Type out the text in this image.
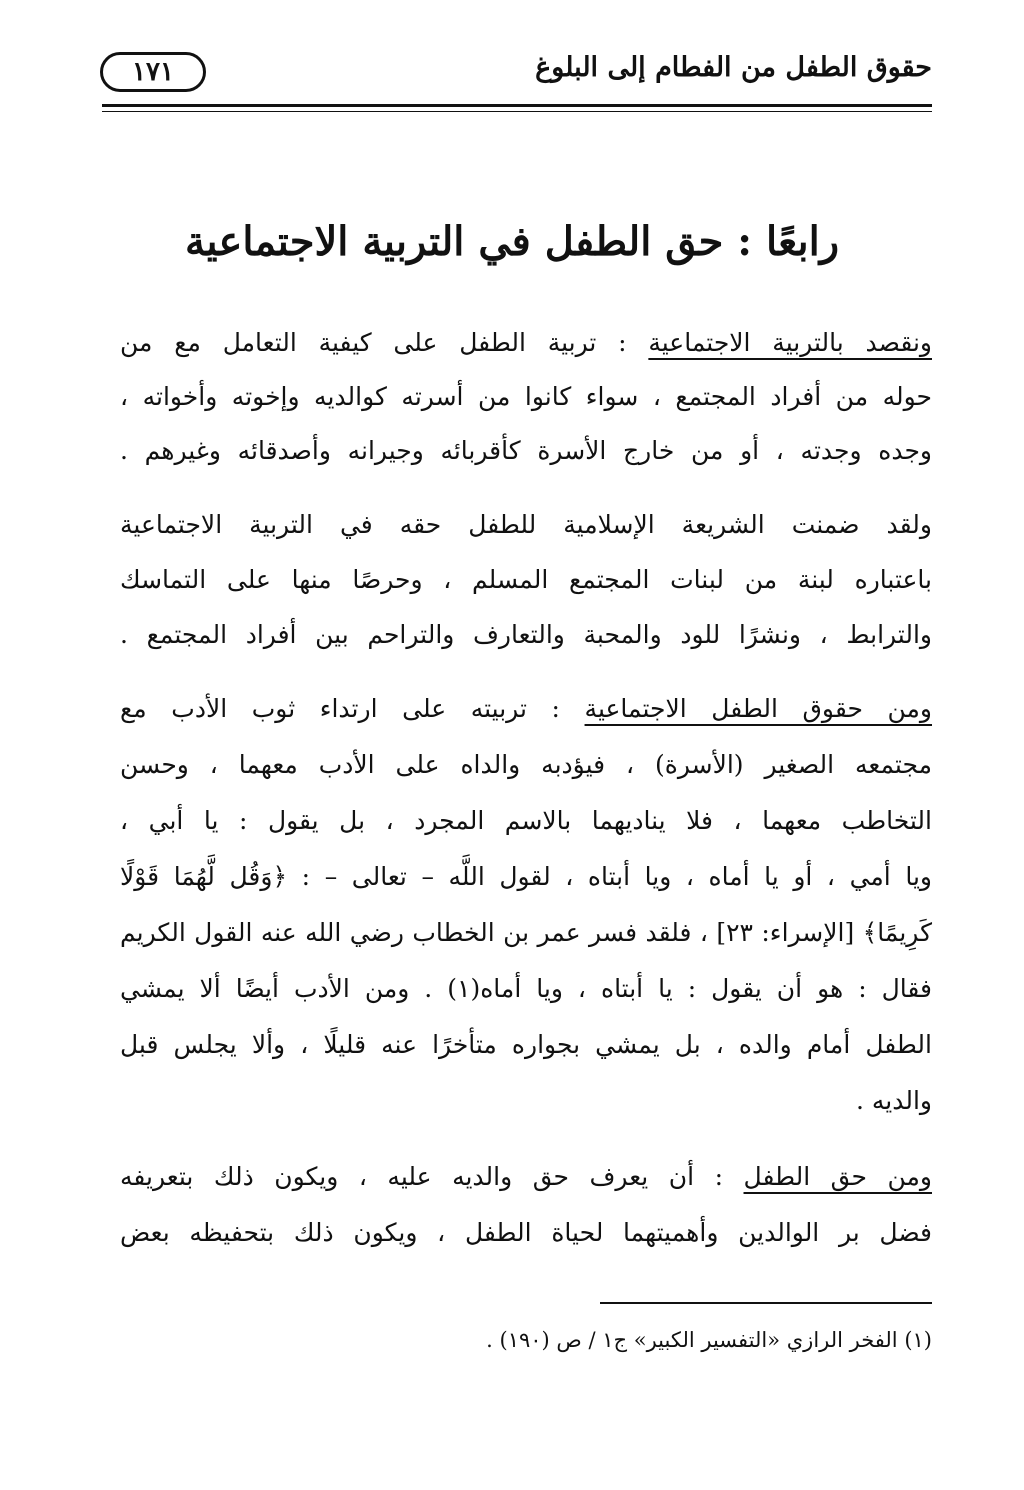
حقوق الطفل من الفطام إلى البلوغ
١٧١
رابعًا : حق الطفل في التربية الاجتماعية
ونقصد بالتربية الاجتماعية : تربية الطفل على كيفية التعامل مع من
حوله من أفراد المجتمع ، سواء كانوا من أسرته كوالديه وإخوته وأخواته ،
وجده وجدته ، أو من خارج الأسرة كأقربائه وجيرانه وأصدقائه وغيرهم .
ولقد ضمنت الشريعة الإسلامية للطفل حقه في التربية الاجتماعية
باعتباره لبنة من لبنات المجتمع المسلم ، وحرصًا منها على التماسك
والترابط ، ونشرًا للود والمحبة والتعارف والتراحم بين أفراد المجتمع .
ومن حقوق الطفل الاجتماعية : تربيته على ارتداء ثوب الأدب مع
مجتمعه الصغير (الأسرة) ، فيؤدبه والداه على الأدب معهما ، وحسن
التخاطب معهما ، فلا يناديهما بالاسم المجرد ، بل يقول : يا أبي ،
ويا أمي ، أو يا أماه ، ويا أبتاه ، لقول اللَّه – تعالى – : ﴿وَقُل لَّهُمَا قَوْلًا
كَرِيمًا﴾ [الإسراء: ٢٣] ، فلقد فسر عمر بن الخطاب رضي الله عنه القول الكريم
فقال : هو أن يقول : يا أبتاه ، ويا أماه(١) . ومن الأدب أيضًا ألا يمشي
الطفل أمام والده ، بل يمشي بجواره متأخرًا عنه قليلًا ، وألا يجلس قبل
والديه .
ومن حق الطفل : أن يعرف حق والديه عليه ، ويكون ذلك بتعريفه
فضل بر الوالدين وأهميتهما لحياة الطفل ، ويكون ذلك بتحفيظه بعض
(١) الفخر الرازي «التفسير الكبير» ج١ / ص (١٩٠) .
